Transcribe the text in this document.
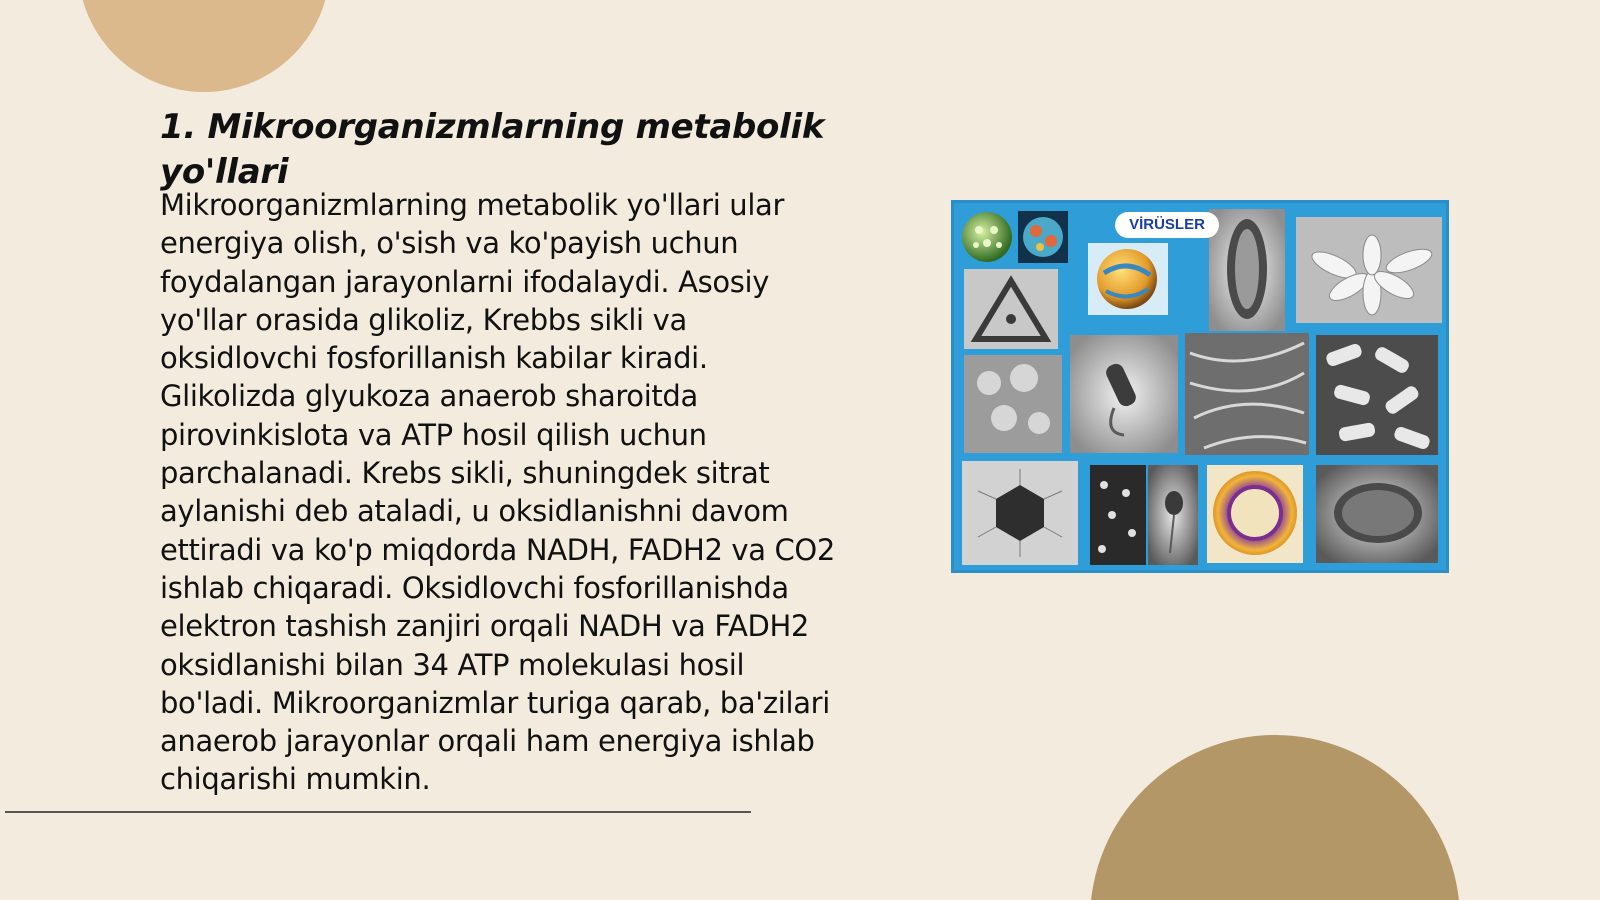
1. Mikroorganizmlarning metabolik yo'llari

Mikroorganizmlarning metabolik yo'llari ular energiya olish, o'sish va ko'payish uchun foydalangan jarayonlarni ifodalaydi. Asosiy yo'llar orasida glikoliz, Krebbs sikli va oksidlovchi fosforillanish kabilar kiradi. Glikolizda glyukoza anaerob sharoitda pirovinkislota va ATP hosil qilish uchun parchalanadi. Krebs sikli, shuningdek sitrat aylanishi deb ataladi, u oksidlanishni davom ettiradi va ko'p miqdorda NADH, FADH2 va CO2 ishlab chiqaradi. Oksidlovchi fosforillanishda elektron tashish zanjiri orqali NADH va FADH2 oksidlanishi bilan 34 ATP molekulasi hosil bo'ladi. Mikroorganizmlar turiga qarab, ba'zilari anaerob jarayonlar orqali ham energiya ishlab chiqarishi mumkin.

VİRÜSLER
